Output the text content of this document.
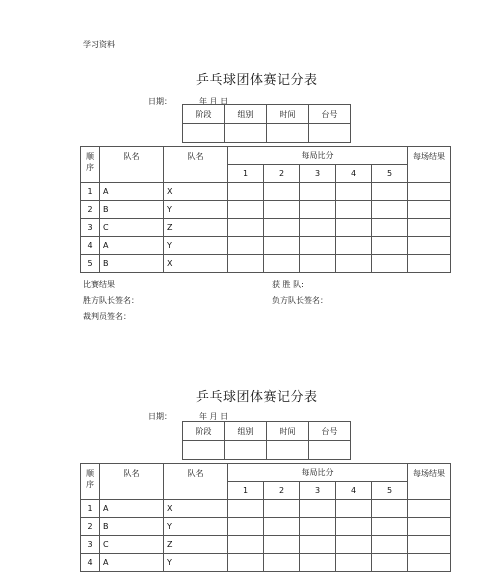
学习资料
乒乓球团体赛记分表
日期：	年 月 日
阶段	组别	时间	台号

顺 序	队名	队名	每局比分					每场结果
			1	2	3	4	5	
1	A	X						
2	B	Y						
3	C	Z						
4	A	Y						
5	B	X						
比赛结果	获 胜 队:
胜方队长签名：	负方队长签名：
裁判员签名：
乒乓球团体赛记分表
日期：	年 月 日
阶段	组别	时间	台号

顺 序	队名	队名	每局比分					每场结果
			1	2	3	4	5	
1	A	X						
2	B	Y						
3	C	Z						
4	A	Y						
